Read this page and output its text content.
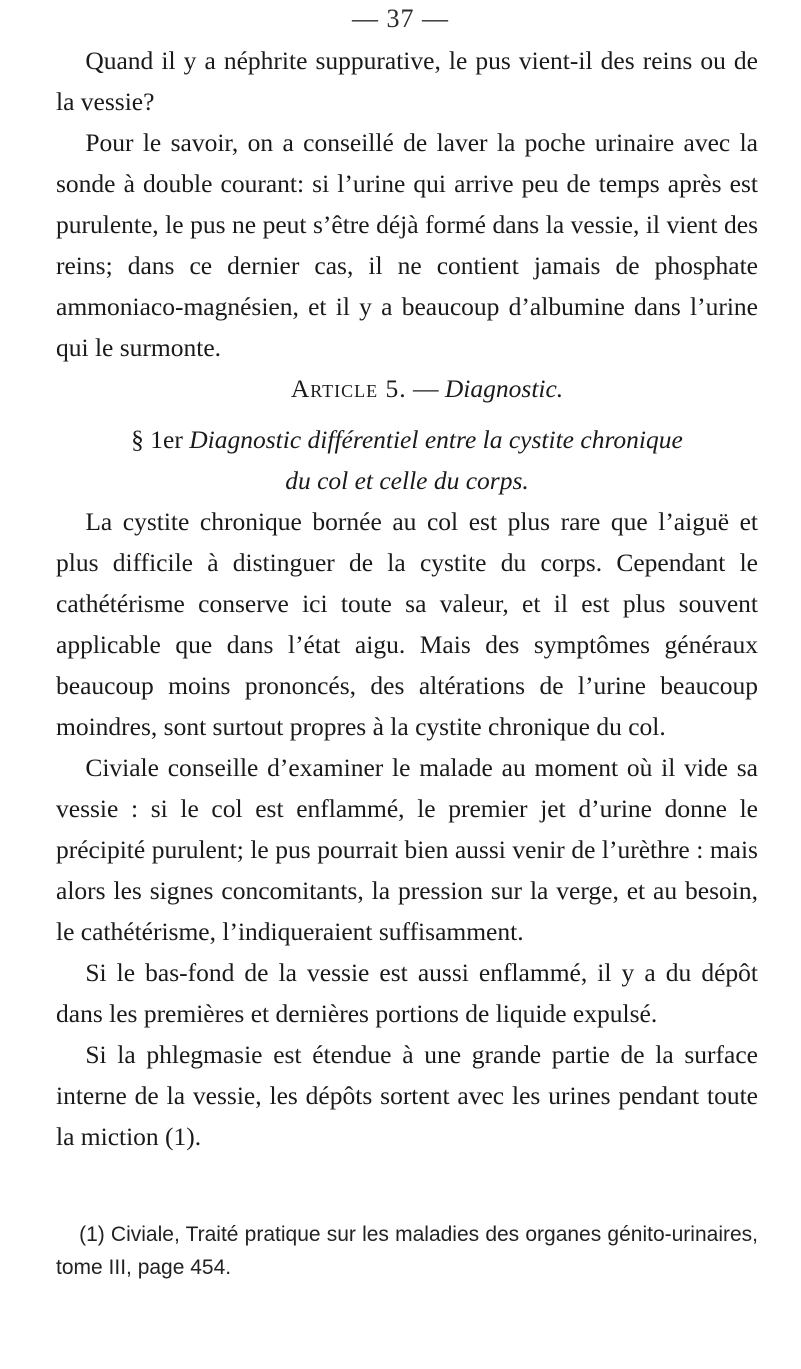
— 37 —

Quand il y a néphrite suppurative, le pus vient-il des reins ou de la vessie?

Pour le savoir, on a conseillé de laver la poche urinaire avec la sonde à double courant: si l’urine qui arrive peu de temps après est purulente, le pus ne peut s’être déjà formé dans la vessie, il vient des reins; dans ce dernier cas, il ne contient jamais de phosphate ammoniaco-magnésien, et il y a beaucoup d’albumine dans l’urine qui le surmonte.

Article 5. — Diagnostic.

§ 1er Diagnostic différentiel entre la cystite chronique
du col et celle du corps.

La cystite chronique bornée au col est plus rare que l’aiguë et plus difficile à distinguer de la cystite du corps. Cependant le cathétérisme conserve ici toute sa valeur, et il est plus souvent applicable que dans l’état aigu. Mais des symptômes généraux beaucoup moins prononcés, des altérations de l’urine beaucoup moindres, sont surtout propres à la cystite chronique du col.

Civiale conseille d’examiner le malade au moment où il vide sa vessie : si le col est enflammé, le premier jet d’urine donne le précipité purulent; le pus pourrait bien aussi venir de l’urèthre : mais alors les signes concomitants, la pression sur la verge, et au besoin, le cathétérisme, l’indiqueraient suffisamment.

Si le bas-fond de la vessie est aussi enflammé, il y a du dépôt dans les premières et dernières portions de liquide expulsé.

Si la phlegmasie est étendue à une grande partie de la surface interne de la vessie, les dépôts sortent avec les urines pendant toute la miction (1).

(1) Civiale, Traité pratique sur les maladies des organes génito-urinaires, tome III, page 454.
